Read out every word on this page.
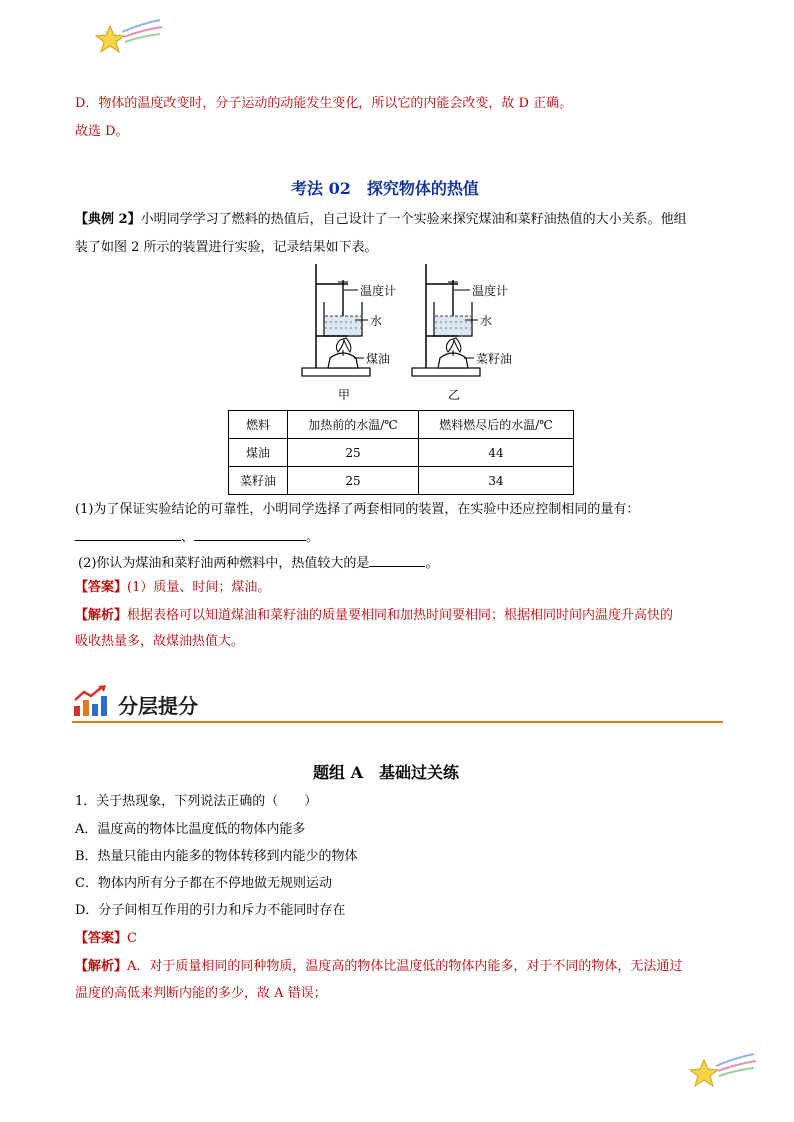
D．物体的温度改变时，分子运动的动能发生变化，所以它的内能会改变，故 D 正确。
故选 D。
考法 02　探究物体的热值
【典例 2】小明同学学习了燃料的热值后，自己设计了一个实验来探究煤油和菜籽油热值的大小关系。他组
装了如图 2 所示的装置进行实验，记录结果如下表。
温度计
水
煤油
甲
温度计
水
菜籽油
乙
燃料	加热前的水温/℃	燃料燃尽后的水温/℃
煤油	25	44
菜籽油	25	34
(1)为了保证实验结论的可靠性，小明同学选择了两套相同的装置，在实验中还应控制相同的量有：
、	。
(2)你认为煤油和菜籽油两种燃料中，热值较大的是	。
【答案】(1）质量、时间；煤油。
【解析】根据表格可以知道煤油和菜籽油的质量要相同和加热时间要相同；根据相同时间内温度升高快的
吸收热量多，故煤油热值大。
分层提分
题组 A　基础过关练
1．关于热现象，下列说法正确的（　　）
A．温度高的物体比温度低的物体内能多
B．热量只能由内能多的物体转移到内能少的物体
C．物体内所有分子都在不停地做无规则运动
D．分子间相互作用的引力和斥力不能同时存在
【答案】C
【解析】A．对于质量相同的同种物质，温度高的物体比温度低的物体内能多，对于不同的物体，无法通过
温度的高低来判断内能的多少，故 A 错误；
